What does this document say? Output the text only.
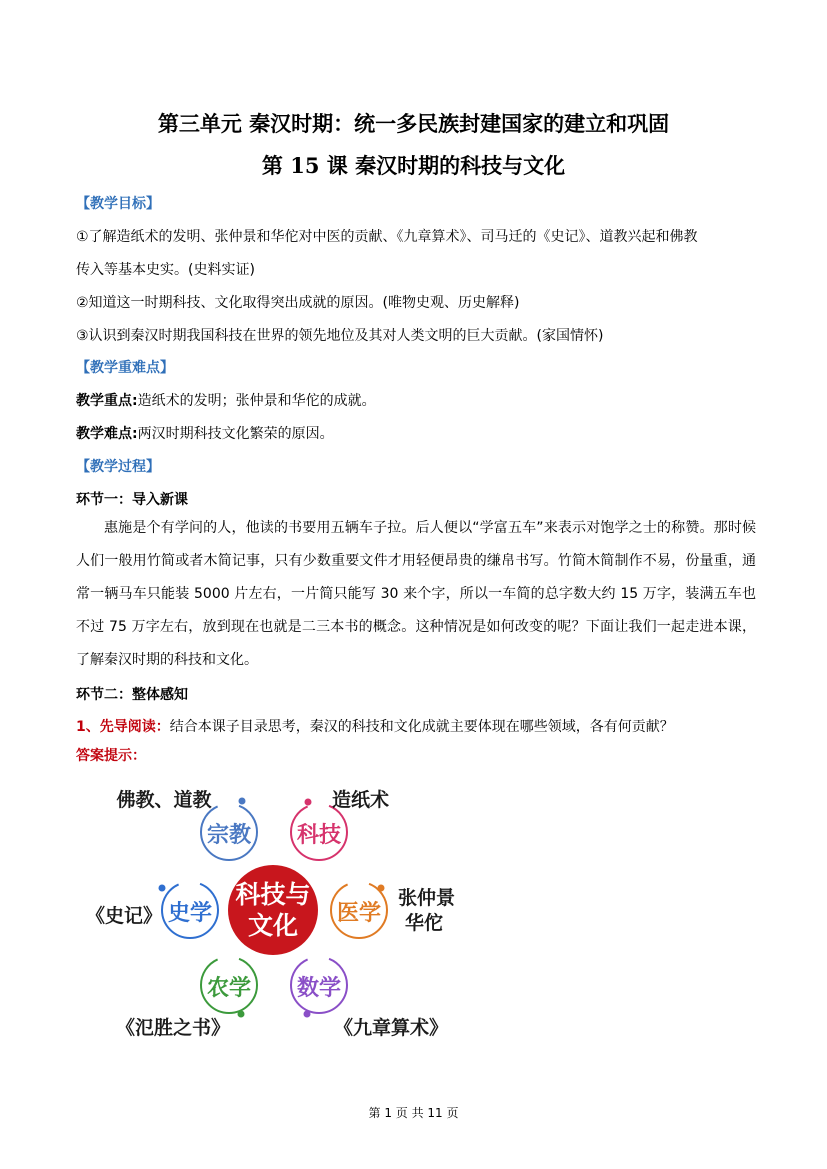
第三单元 秦汉时期：统一多民族封建国家的建立和巩固
第 15 课 秦汉时期的科技与文化
【教学目标】
①了解造纸术的发明、张仲景和华佗对中医的贡献、《九章算术》、司马迁的《史记》、道教兴起和佛教
传入等基本史实。(史料实证)
②知道这一时期科技、文化取得突出成就的原因。(唯物史观、历史解释)
③认识到秦汉时期我国科技在世界的领先地位及其对人类文明的巨大贡献。(家国情怀)
【教学重难点】
教学重点:造纸术的发明；张仲景和华佗的成就。
教学难点:两汉时期科技文化繁荣的原因。
【教学过程】
环节一：导入新课
惠施是个有学问的人，他读的书要用五辆车子拉。后人便以“学富五车”来表示对饱学之士的称赞。那时候人们一般用竹简或者木简记事，只有少数重要文件才用轻便昂贵的缣帛书写。竹简木简制作不易，份量重，通常一辆马车只能装 5000 片左右，一片简只能写 30 来个字，所以一车简的总字数大约 15 万字，装满五车也不过 75 万字左右，放到现在也就是二三本书的概念。这种情况是如何改变的呢？下面让我们一起走进本课，了解秦汉时期的科技和文化。
环节二：整体感知
1、先导阅读：结合本课子目录思考，秦汉的科技和文化成就主要体现在哪些领域，各有何贡献？
答案提示：
科技与
文化
宗教
佛教、道教
科技
造纸术
史学
《史记》	医学
张仲景
华佗
农学
《氾胜之书》
数学
《九章算术》
第 1 页 共 11 页
